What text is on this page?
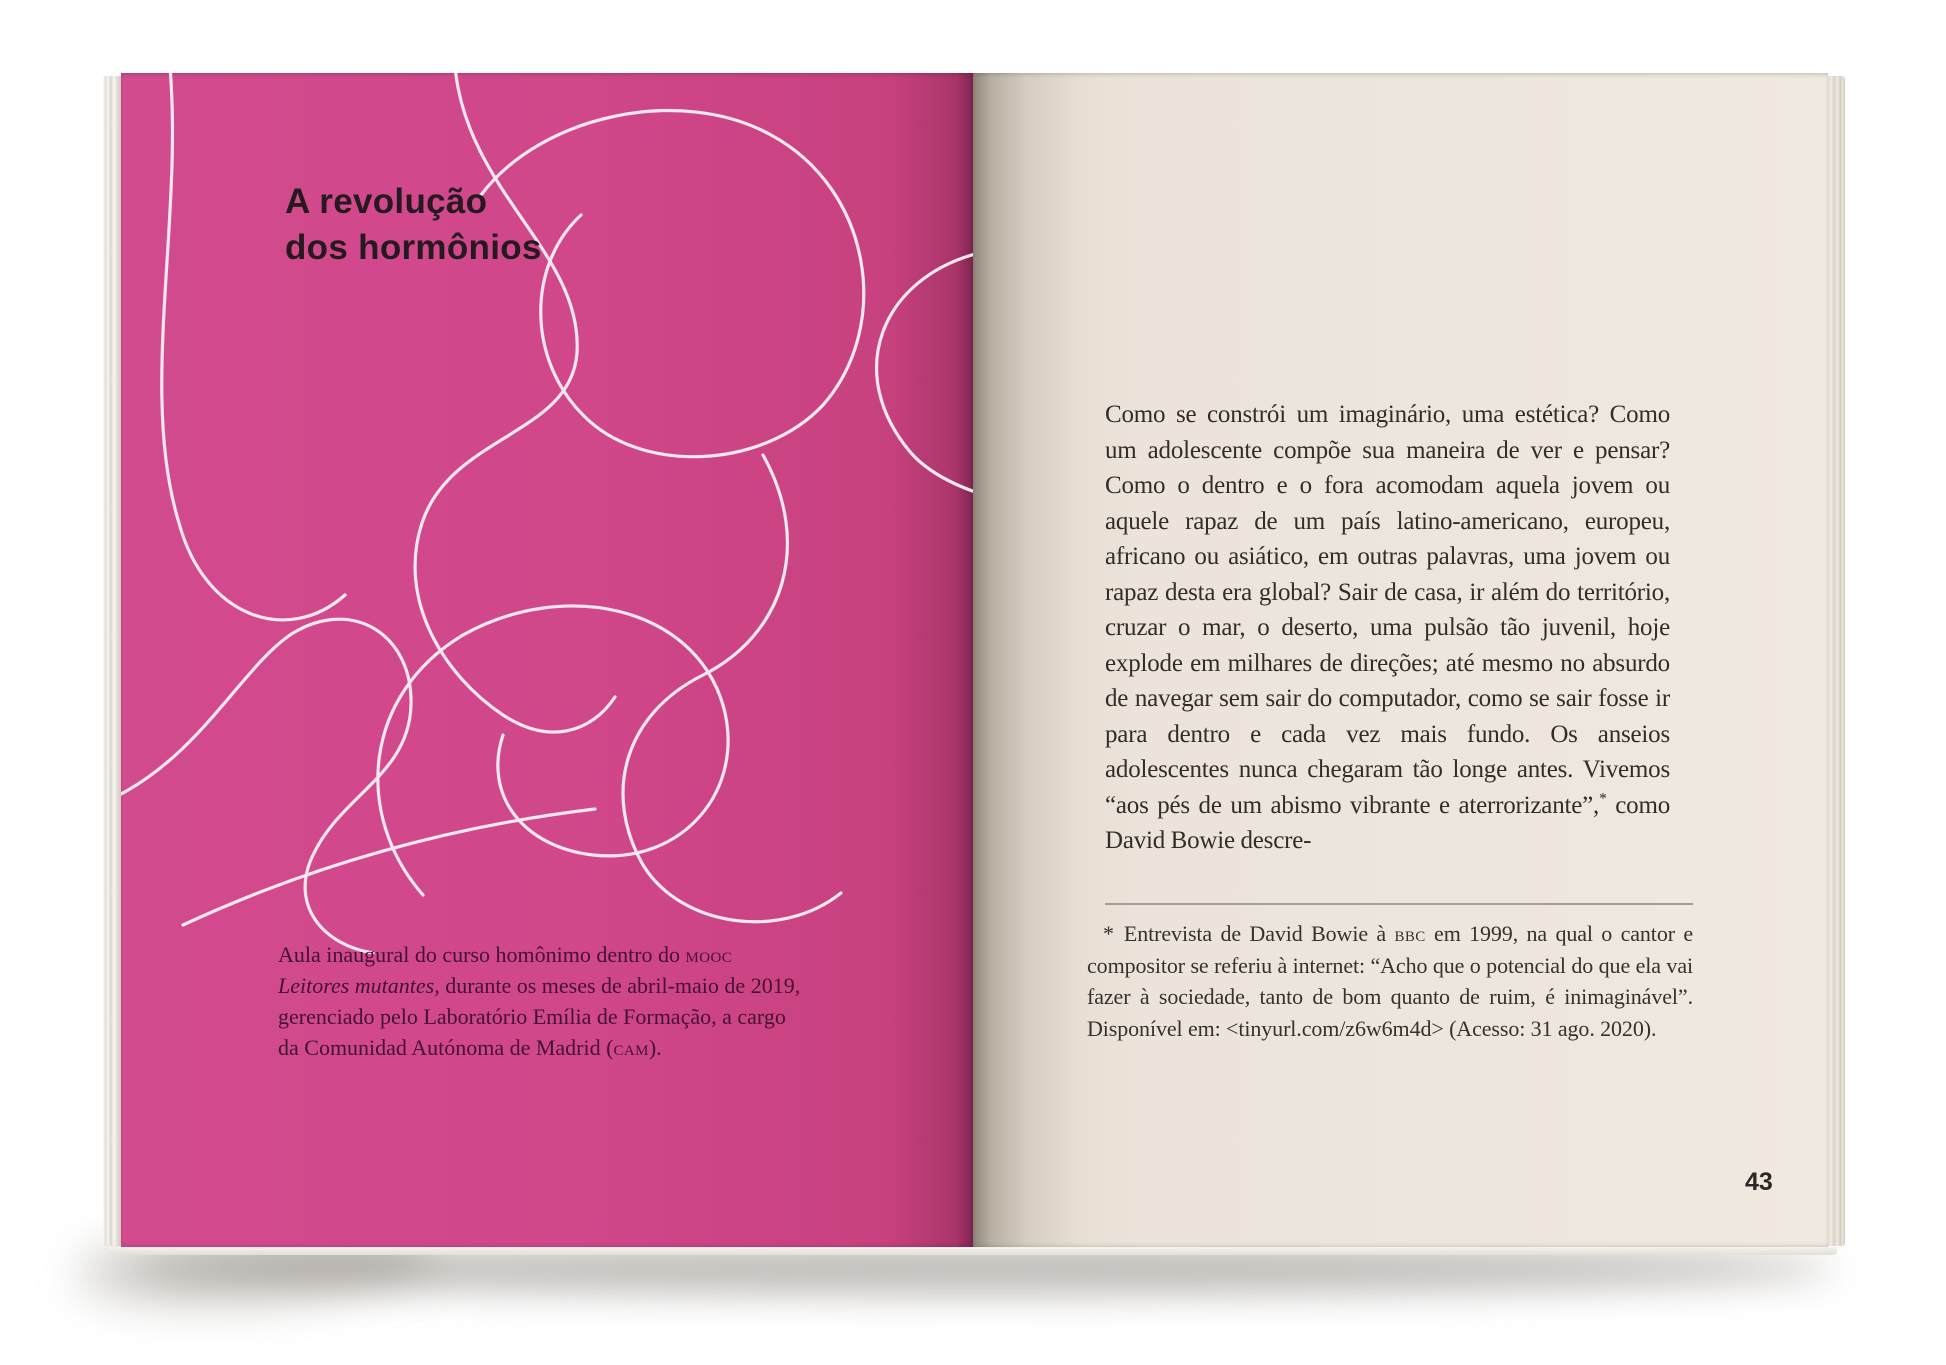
A revolução
dos hormônios
Aula inaugural do curso homônimo dentro do mooc
Leitores mutantes, durante os meses de abril-maio de 2019,
gerenciado pelo Laboratório Emília de Formação, a cargo
da Comunidad Autónoma de Madrid (cam).

Como se constrói um imaginário, uma estética? Como um adolescente compõe sua maneira de ver e pensar? Como o dentro e o fora acomodam aquela jovem ou aquele rapaz de um país latino-americano, europeu, africano ou asiático, em outras palavras, uma jovem ou rapaz desta era global? Sair de casa, ir além do território, cruzar o mar, o deserto, uma pulsão tão juvenil, hoje explode em milhares de direções; até mesmo no absurdo de navegar sem sair do computador, como se sair fosse ir para dentro e cada vez mais fundo. Os anseios adolescentes nunca chegaram tão longe antes. Vivemos “aos pés de um abismo vibrante e aterrorizante”,* como David Bowie descre-

* Entrevista de David Bowie à bbc em 1999, na qual o cantor e compositor se referiu à internet: “Acho que o potencial do que ela vai fazer à sociedade, tanto de bom quanto de ruim, é inimaginável”. Disponível em: <tinyurl.com/z6w6m4d> (Acesso: 31 ago. 2020).

43
